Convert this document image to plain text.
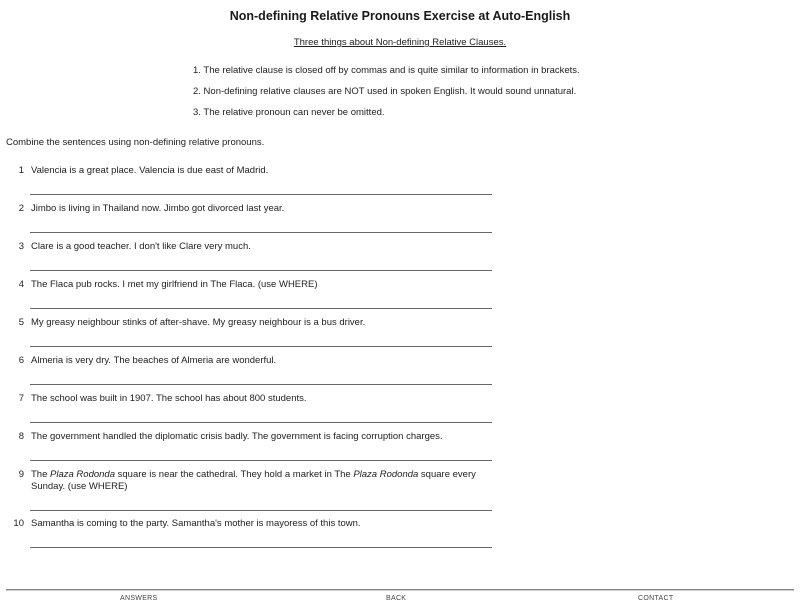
Non-defining Relative Pronouns Exercise at Auto-English
Three things about Non-defining Relative Clauses.
1. The relative clause is closed off by commas and is quite similar to information in brackets.
2. Non-defining relative clauses are NOT used in spoken English. It would sound unnatural.
3. The relative pronoun can never be omitted.
Combine the sentences using non-defining relative pronouns.
1 Valencia is a great place. Valencia is due east of Madrid.
2 Jimbo is living in Thailand now. Jimbo got divorced last year.
3 Clare is a good teacher. I don't like Clare very much.
4 The Flaca pub rocks. I met my girlfriend in The Flaca. (use WHERE)
5 My greasy neighbour stinks of after-shave. My greasy neighbour is a bus driver.
6 Almeria is very dry. The beaches of Almeria are wonderful.
7 The school was built in 1907. The school has about 800 students.
8 The government handled the diplomatic crisis badly. The government is facing corruption charges.
9 The Plaza Rodonda square is near the cathedral. They hold a market in The Plaza Rodonda square every Sunday. (use WHERE)
10 Samantha is coming to the party. Samantha's mother is mayoress of this town.
ANSWERS	BACK	CONTACT
